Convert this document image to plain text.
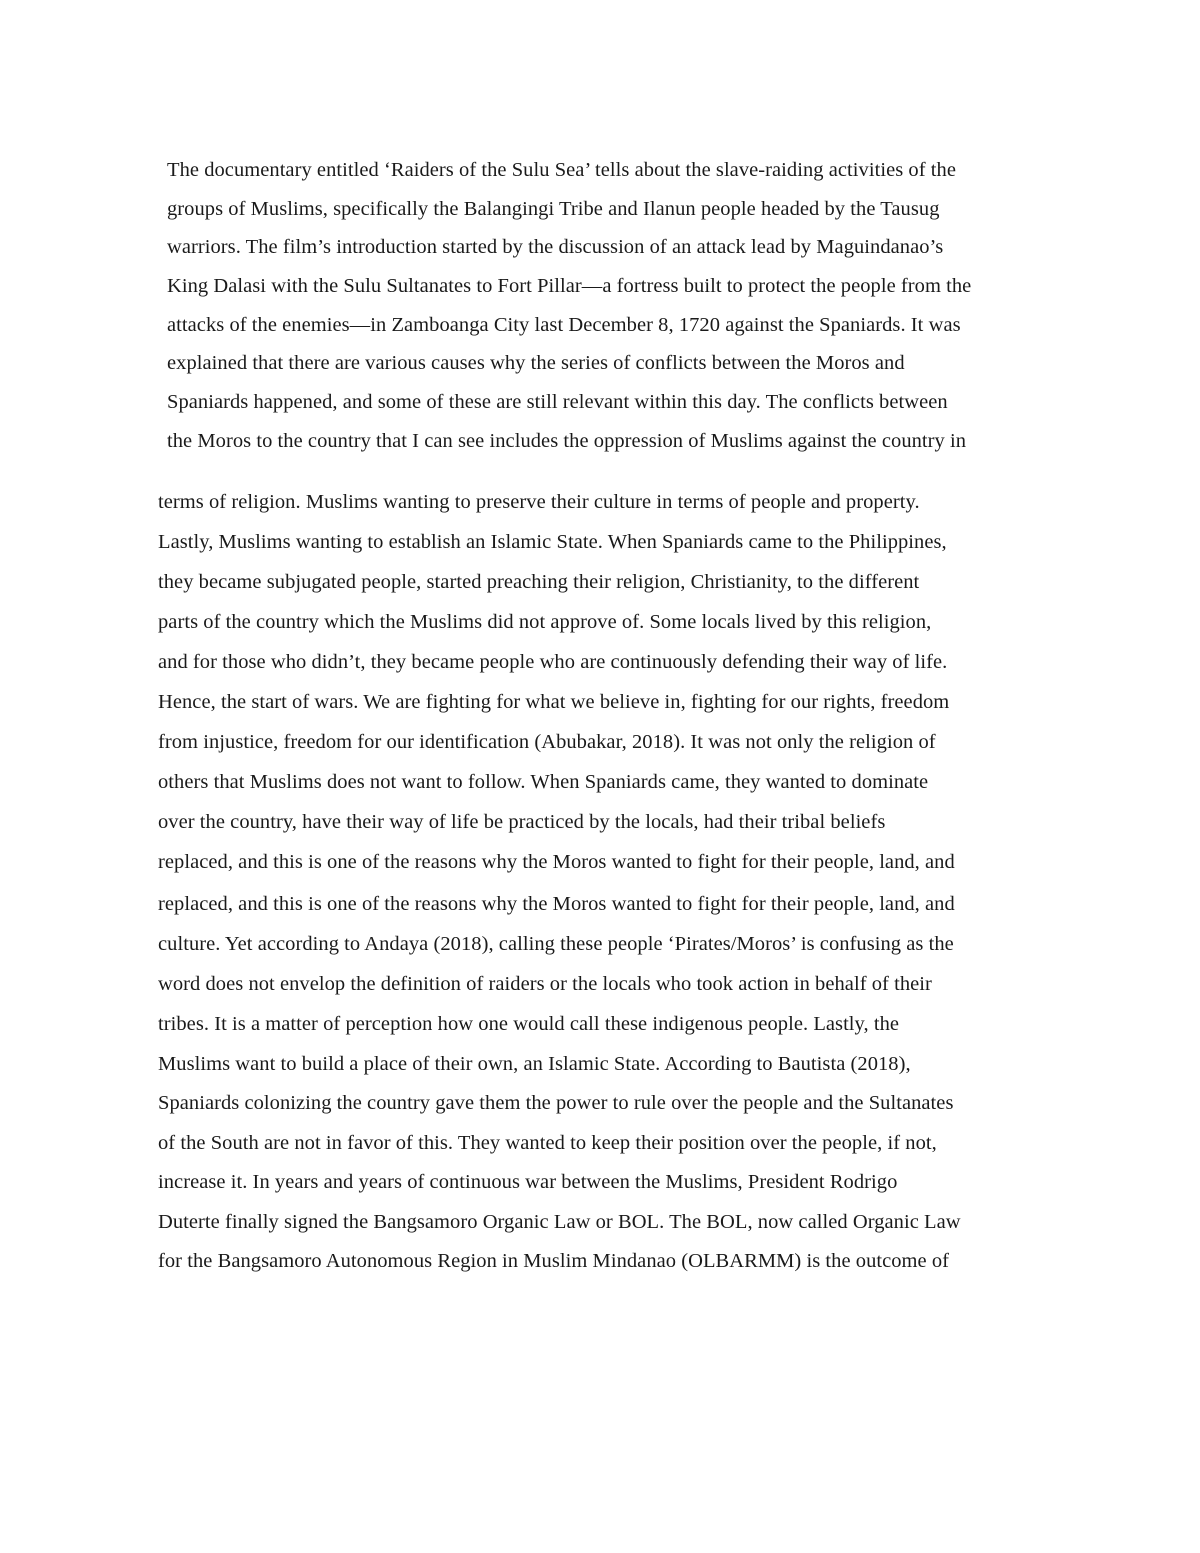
The documentary entitled ‘Raiders of the Sulu Sea’ tells about the slave-raiding activities of the
groups of Muslims, specifically the Balangingi Tribe and Ilanun people headed by the Tausug
warriors. The film’s introduction started by the discussion of an attack lead by Maguindanao’s
King Dalasi with the Sulu Sultanates to Fort Pillar—a fortress built to protect the people from the
attacks of the enemies—in Zamboanga City last December 8, 1720 against the Spaniards. It was
explained that there are various causes why the series of conflicts between the Moros and
Spaniards happened, and some of these are still relevant within this day. The conflicts between
the Moros to the country that I can see includes the oppression of Muslims against the country in
terms of religion. Muslims wanting to preserve their culture in terms of people and property.
Lastly, Muslims wanting to establish an Islamic State. When Spaniards came to the Philippines,
they became subjugated people, started preaching their religion, Christianity, to the different
parts of the country which the Muslims did not approve of. Some locals lived by this religion,
and for those who didn’t, they became people who are continuously defending their way of life.
Hence, the start of wars. We are fighting for what we believe in, fighting for our rights, freedom
from injustice, freedom for our identification (Abubakar, 2018). It was not only the religion of
others that Muslims does not want to follow. When Spaniards came, they wanted to dominate
over the country, have their way of life be practiced by the locals, had their tribal beliefs
replaced, and this is one of the reasons why the Moros wanted to fight for their people, land, and
replaced, and this is one of the reasons why the Moros wanted to fight for their people, land, and
culture. Yet according to Andaya (2018), calling these people ‘Pirates/Moros’ is confusing as the
word does not envelop the definition of raiders or the locals who took action in behalf of their
tribes. It is a matter of perception how one would call these indigenous people. Lastly, the
Muslims want to build a place of their own, an Islamic State. According to Bautista (2018),
Spaniards colonizing the country gave them the power to rule over the people and the Sultanates
of the South are not in favor of this. They wanted to keep their position over the people, if not,
increase it. In years and years of continuous war between the Muslims, President Rodrigo
Duterte finally signed the Bangsamoro Organic Law or BOL. The BOL, now called Organic Law
for the Bangsamoro Autonomous Region in Muslim Mindanao (OLBARMM) is the outcome of
